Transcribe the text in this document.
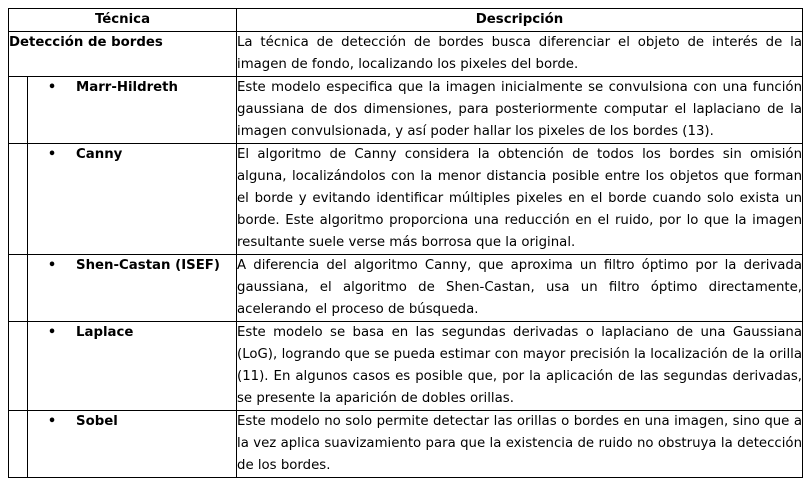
Técnica	Descripción
Detección de bordes	La técnica de detección de bordes busca diferenciar el objeto de interés de la imagen de fondo, localizando los pixeles del borde.

• Marr-Hildreth	Este modelo especifica que la imagen inicialmente se convulsiona con una función gaussiana de dos dimensiones, para posteriormente computar el laplaciano de la imagen convulsionada, y así poder hallar los pixeles de los bordes (13).

• Canny	El algoritmo de Canny considera la obtención de todos los bordes sin omisión alguna, localizándolos con la menor distancia posible entre los objetos que forman el borde y evitando identificar múltiples pixeles en el borde cuando solo exista un borde. Este algoritmo proporciona una reducción en el ruido, por lo que la imagen resultante suele verse más borrosa que la original.

• Shen-Castan (ISEF)	A diferencia del algoritmo Canny, que aproxima un filtro óptimo por la derivada gaussiana, el algoritmo de Shen-Castan, usa un filtro óptimo directamente, acelerando el proceso de búsqueda.

• Laplace	Este modelo se basa en las segundas derivadas o laplaciano de una Gaussiana (LoG), logrando que se pueda estimar con mayor precisión la localización de la orilla (11). En algunos casos es posible que, por la aplicación de las segundas derivadas, se presente la aparición de dobles orillas.

• Sobel	Este modelo no solo permite detectar las orillas o bordes en una imagen, sino que a la vez aplica suavizamiento para que la existencia de ruido no obstruya la detección de los bordes.
